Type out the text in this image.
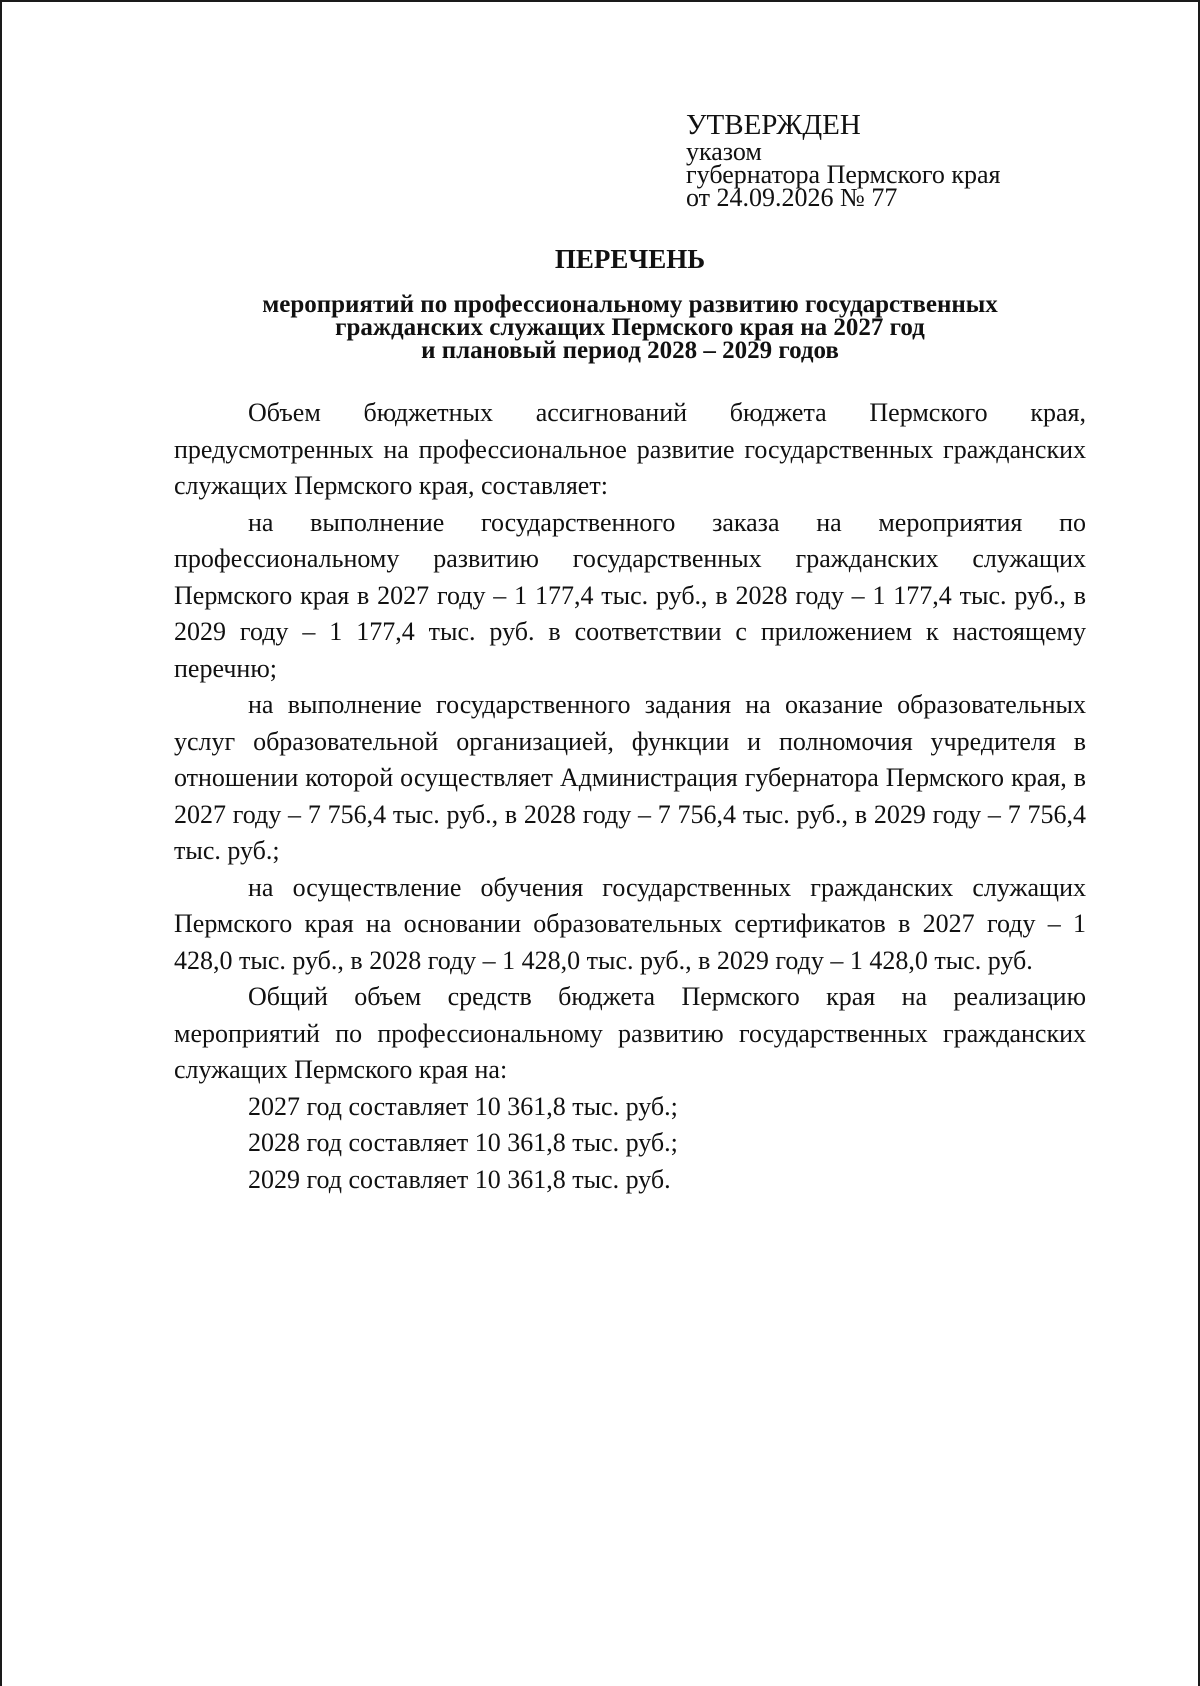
УТВЕРЖДЕН
указом
губернатора Пермского края
от 24.09.2026 № 77
ПЕРЕЧЕНЬ
мероприятий по профессиональному развитию государственных
гражданских служащих Пермского края на 2027 год
и плановый период 2028 – 2029 годов

Объем бюджетных ассигнований бюджета Пермского края, предусмотренных на профессиональное развитие государственных гражданских служащих Пермского края, составляет:

на выполнение государственного заказа на мероприятия по профессиональному развитию государственных гражданских служащих Пермского края в 2027 году – 1 177,4 тыс. руб., в 2028 году – 1 177,4 тыс. руб., в 2029 году – 1 177,4 тыс. руб. в соответствии с приложением к настоящему перечню;

на выполнение государственного задания на оказание образовательных услуг образовательной организацией, функции и полномочия учредителя в отношении которой осуществляет Администрация губернатора Пермского края, в 2027 году – 7 756,4 тыс. руб., в 2028 году – 7 756,4 тыс. руб., в 2029 году – 7 756,4 тыс. руб.;

на осуществление обучения государственных гражданских служащих Пермского края на основании образовательных сертификатов в 2027 году – 1 428,0 тыс. руб., в 2028 году – 1 428,0 тыс. руб., в 2029 году – 1 428,0 тыс. руб.

Общий объем средств бюджета Пермского края на реализацию мероприятий по профессиональному развитию государственных гражданских служащих Пермского края на:

2027 год составляет 10 361,8 тыс. руб.;

2028 год составляет 10 361,8 тыс. руб.;

2029 год составляет 10 361,8 тыс. руб.
